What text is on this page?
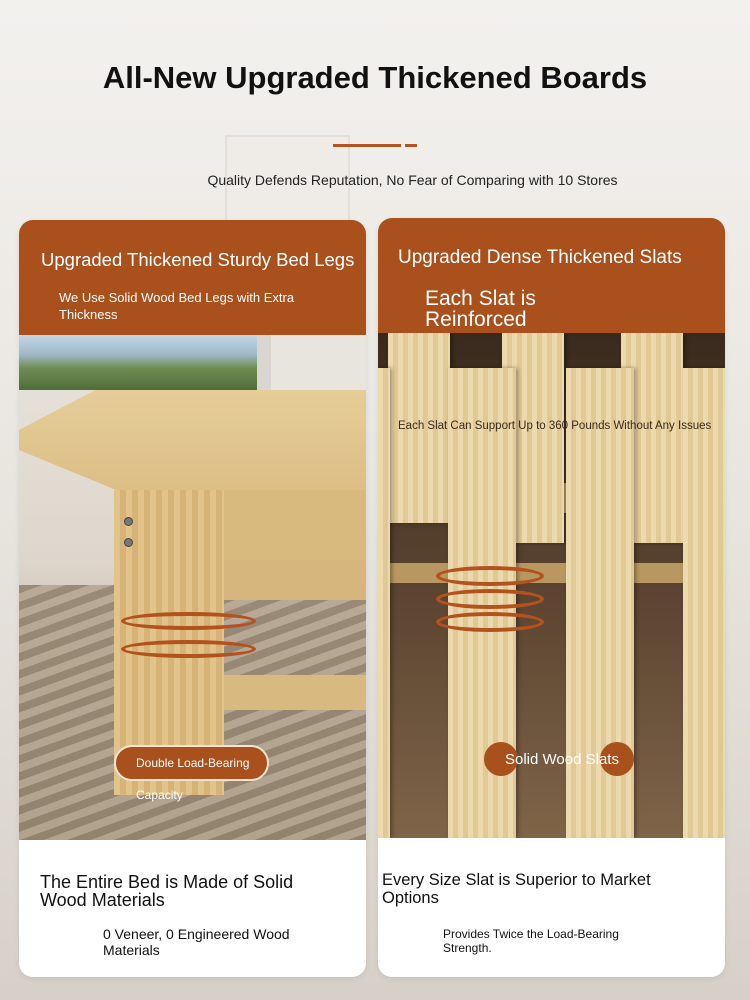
All-New Upgraded Thickened Boards
Quality Defends Reputation, No Fear of Comparing with 10 Stores
Upgraded Thickened Sturdy Bed Legs
We Use Solid Wood Bed Legs with Extra Thickness
Double Load-Bearing Capacity
The Entire Bed is Made of Solid Wood Materials
0 Veneer, 0 Engineered Wood Materials
Upgraded Dense Thickened Slats
Each Slat is Reinforced
Each Slat Can Support Up to 360 Pounds Without Any Issues
Solid Wood Slats
Every Size Slat is Superior to Market Options
Provides Twice the Load-Bearing Strength.
